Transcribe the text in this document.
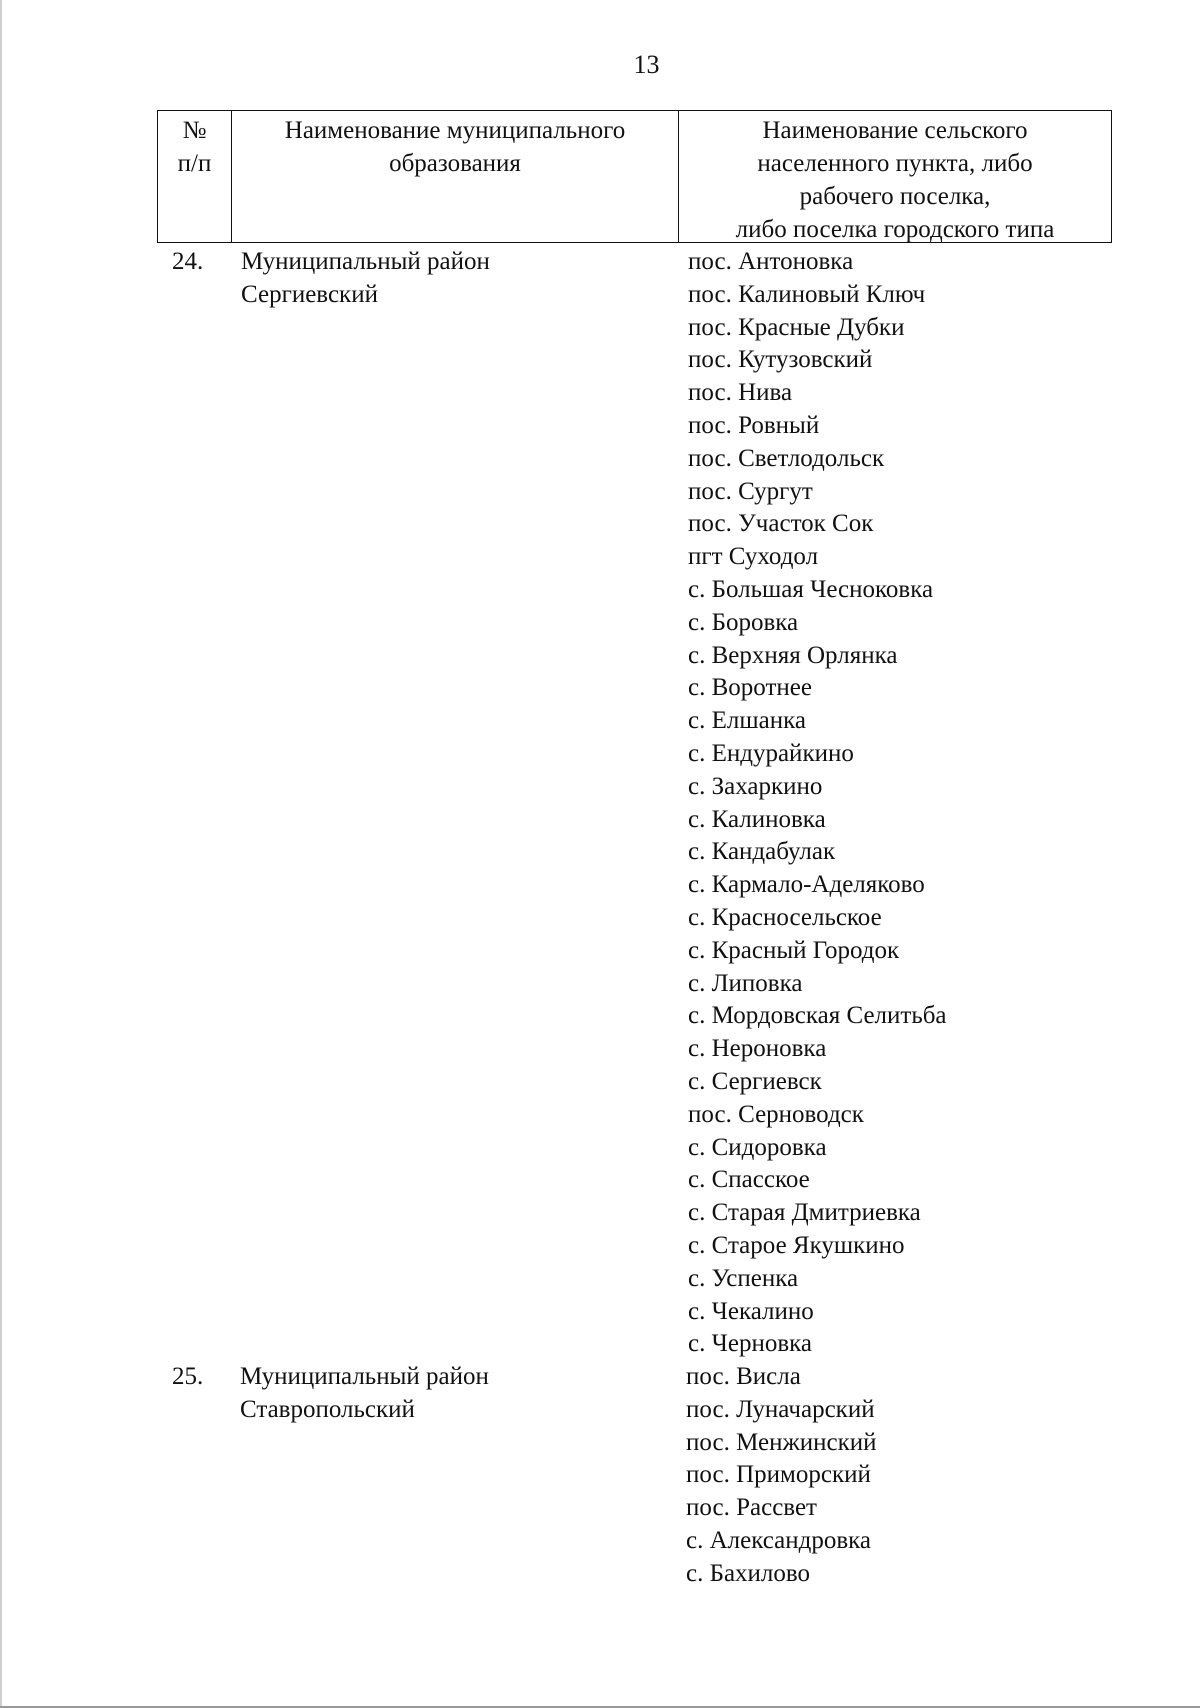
13
№
п/п
Наименование муниципального
образования
Наименование сельского
населенного пункта, либо
рабочего поселка,
либо поселка городского типа
24. Муниципальный район
Сергиевский
пос. Антоновка
пос. Калиновый Ключ
пос. Красные Дубки
пос. Кутузовский
пос. Нива
пос. Ровный
пос. Светлодольск
пос. Сургут
пос. Участок Сок
пгт Суходол
с. Большая Чесноковка
с. Боровка
с. Верхняя Орлянка
с. Воротнее
с. Елшанка
с. Ендурайкино
с. Захаркино
с. Калиновка
с. Кандабулак
с. Кармало-Аделяково
с. Красносельское
с. Красный Городок
с. Липовка
с. Мордовская Селитьба
с. Нероновка
с. Сергиевск
пос. Серноводск
с. Сидоровка
с. Спасское
с. Старая Дмитриевка
с. Старое Якушкино
с. Успенка
с. Чекалино
с. Черновка
25. Муниципальный район
Ставропольский
пос. Висла
пос. Луначарский
пос. Менжинский
пос. Приморский
пос. Рассвет
с. Александровка
с. Бахилово
